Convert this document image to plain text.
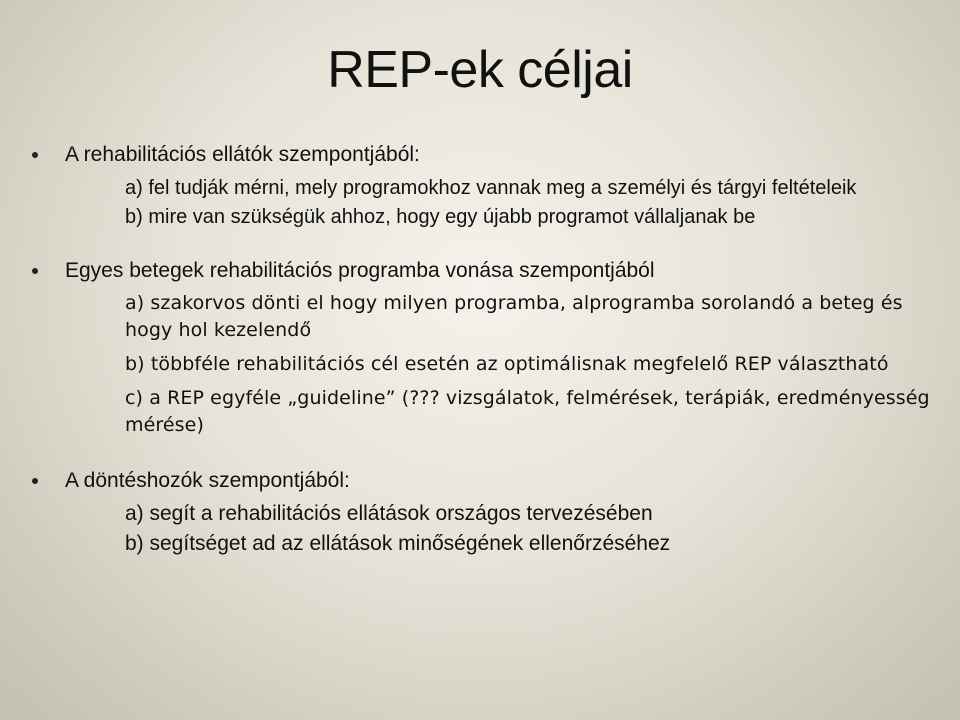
REP-ek céljai
A rehabilitációs ellátók szempontjából:
a) fel tudják mérni, mely programokhoz vannak meg a személyi és tárgyi feltételeik
b) mire van szükségük ahhoz, hogy egy újabb programot vállaljanak be
Egyes betegek rehabilitációs programba vonása szempontjából
a) szakorvos dönti el hogy milyen programba, alprogramba sorolandó a beteg és hogy hol kezelendő
b) többféle rehabilitációs cél esetén az optimálisnak megfelelő REP választható
c) a REP egyféle „guideline” (??? vizsgálatok, felmérések, terápiák, eredményesség mérése)
A döntéshozók szempontjából:
a) segít a rehabilitációs ellátások országos tervezésében
b) segítséget ad az ellátások minőségének ellenőrzéséhez
